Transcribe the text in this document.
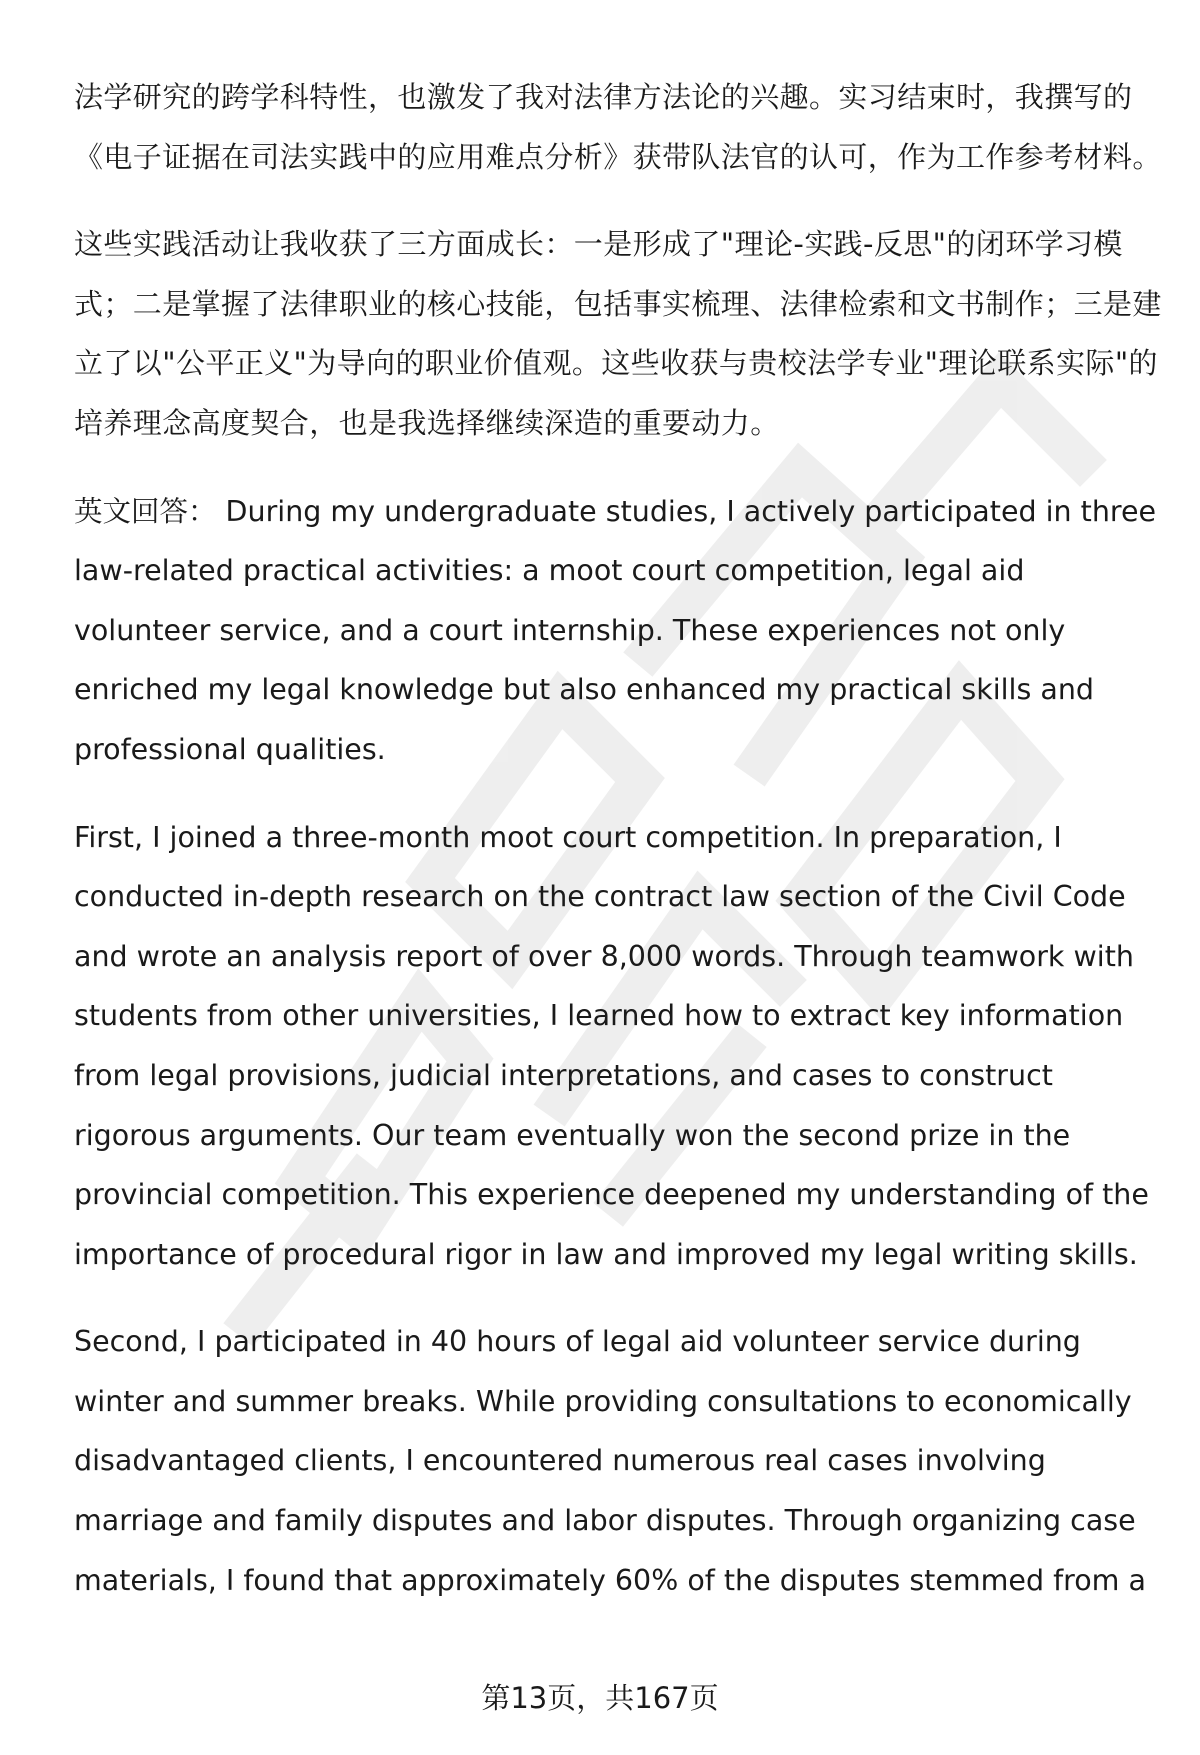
法学研究的跨学科特性，也激发了我对法律方法论的兴趣。实习结束时，我撰写的《电子证据在司法实践中的应用难点分析》获带队法官的认可，作为工作参考材料。

这些实践活动让我收获了三方面成长：一是形成了"理论-实践-反思"的闭环学习模式；二是掌握了法律职业的核心技能，包括事实梳理、法律检索和文书制作；三是建立了以"公平正义"为导向的职业价值观。这些收获与贵校法学专业"理论联系实际"的培养理念高度契合，也是我选择继续深造的重要动力。

英文回答： During my undergraduate studies, I actively participated in three law-related practical activities: a moot court competition, legal aid volunteer service, and a court internship. These experiences not only enriched my legal knowledge but also enhanced my practical skills and professional qualities.

First, I joined a three-month moot court competition. In preparation, I conducted in-depth research on the contract law section of the Civil Code and wrote an analysis report of over 8,000 words. Through teamwork with students from other universities, I learned how to extract key information from legal provisions, judicial interpretations, and cases to construct rigorous arguments. Our team eventually won the second prize in the provincial competition. This experience deepened my understanding of the importance of procedural rigor in law and improved my legal writing skills.

Second, I participated in 40 hours of legal aid volunteer service during winter and summer breaks. While providing consultations to economically disadvantaged clients, I encountered numerous real cases involving marriage and family disputes and labor disputes. Through organizing case materials, I found that approximately 60% of the disputes stemmed from a

第13页，共167页
